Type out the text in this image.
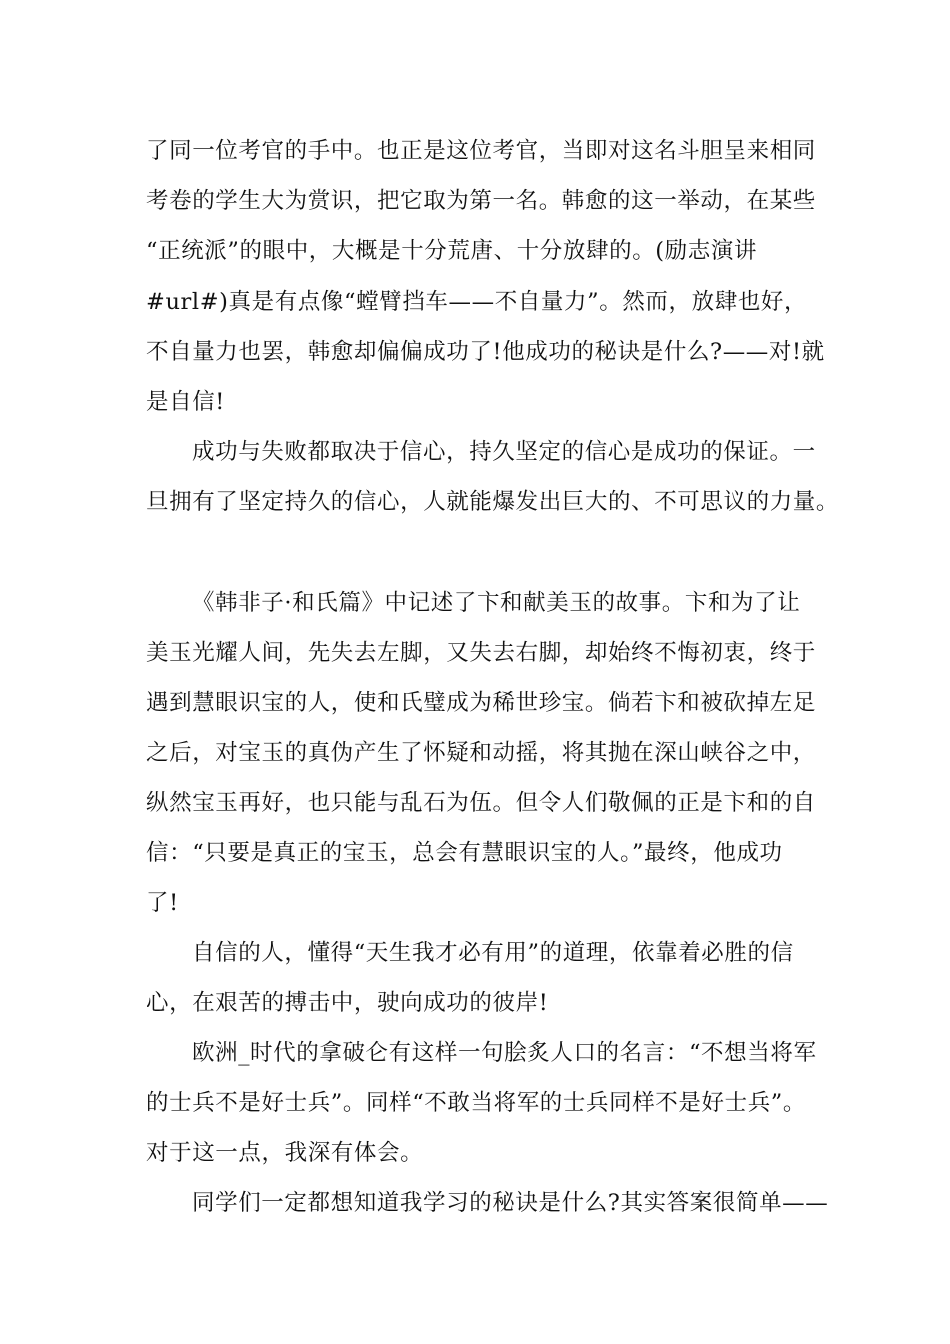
了同一位考官的手中。也正是这位考官，当即对这名斗胆呈来相同
考卷的学生大为赏识，把它取为第一名。韩愈的这一举动，在某些
“正统派”的眼中，大概是十分荒唐、十分放肆的。(励志演讲
#url#)真是有点像“螳臂挡车——不自量力”。然而，放肆也好，
不自量力也罢，韩愈却偏偏成功了!他成功的秘诀是什么?——对!就
是自信!
成功与失败都取决于信心，持久坚定的信心是成功的保证。一
旦拥有了坚定持久的信心，人就能爆发出巨大的、不可思议的力量。
《韩非子·和氏篇》中记述了卞和献美玉的故事。卞和为了让
美玉光耀人间，先失去左脚，又失去右脚，却始终不悔初衷，终于
遇到慧眼识宝的人，使和氏璧成为稀世珍宝。倘若卞和被砍掉左足
之后，对宝玉的真伪产生了怀疑和动摇，将其抛在深山峡谷之中，
纵然宝玉再好，也只能与乱石为伍。但令人们敬佩的正是卞和的自
信：“只要是真正的宝玉，总会有慧眼识宝的人。”最终，他成功
了!
自信的人，懂得“天生我才必有用”的道理，依靠着必胜的信
心，在艰苦的搏击中，驶向成功的彼岸!
欧洲_时代的拿破仑有这样一句脍炙人口的名言：“不想当将军
的士兵不是好士兵”。同样“不敢当将军的士兵同样不是好士兵”。
对于这一点，我深有体会。
同学们一定都想知道我学习的秘诀是什么?其实答案很简单——
